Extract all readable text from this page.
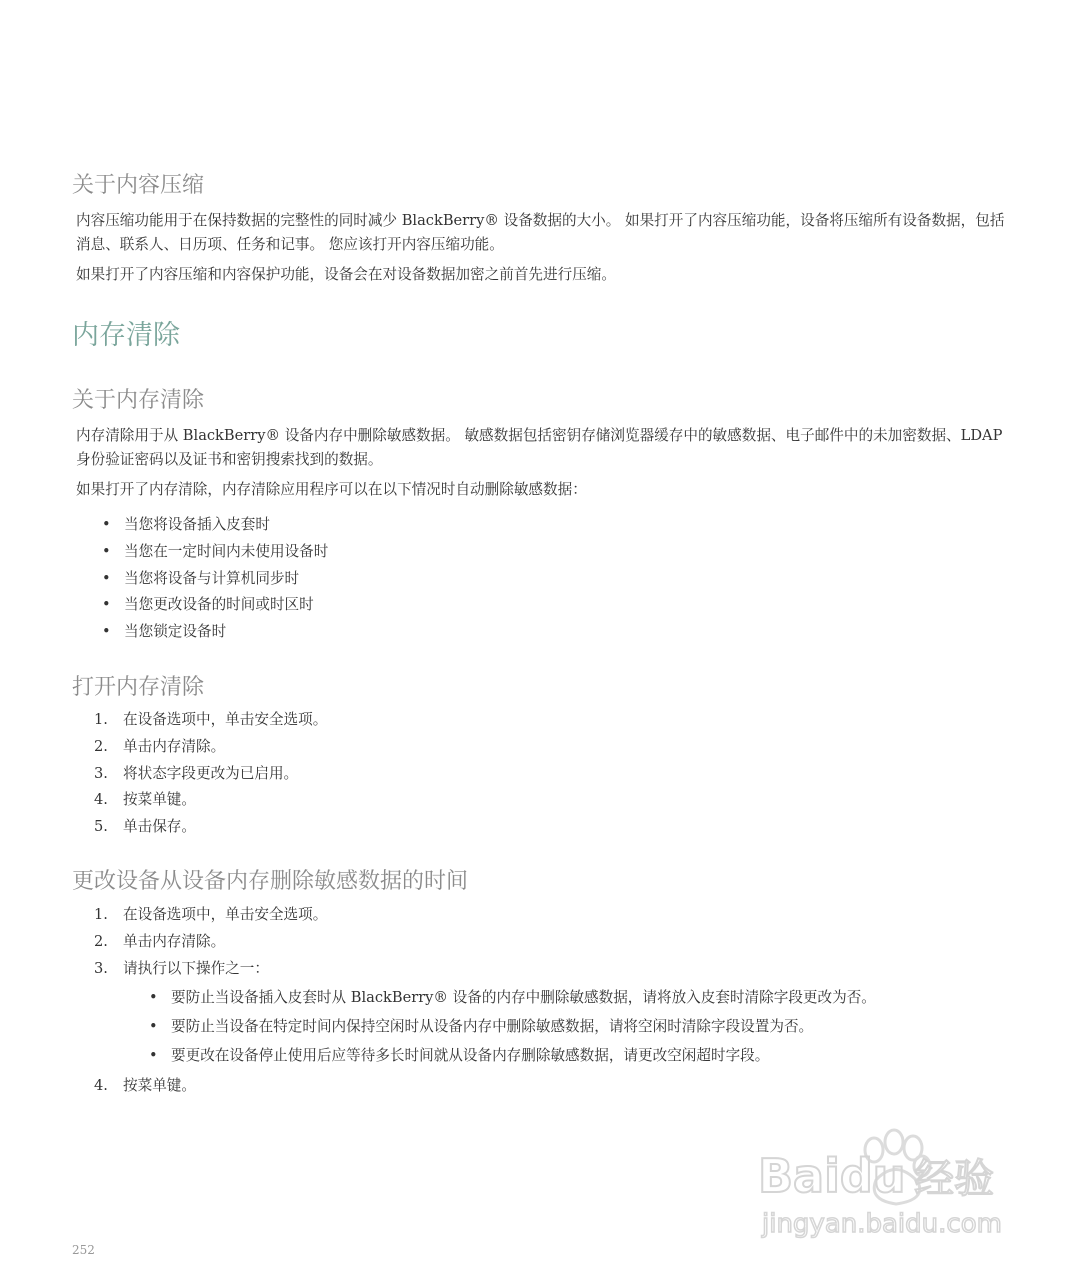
关于内容压缩

内容压缩功能用于在保持数据的完整性的同时减少 BlackBerry® 设备数据的大小。 如果打开了内容压缩功能，设备将压缩所有设备数据，包括消息、联系人、日历项、任务和记事。 您应该打开内容压缩功能。

如果打开了内容压缩和内容保护功能，设备会在对设备数据加密之前首先进行压缩。

内存清除
关于内存清除

内存清除用于从 BlackBerry® 设备内存中删除敏感数据。 敏感数据包括密钥存储浏览器缓存中的敏感数据、电子邮件中的未加密数据、LDAP 身份验证密码以及证书和密钥搜索找到的数据。

如果打开了内存清除，内存清除应用程序可以在以下情况时自动删除敏感数据：

• 当您将设备插入皮套时
• 当您在一定时间内未使用设备时
• 当您将设备与计算机同步时
• 当您更改设备的时间或时区时
• 当您锁定设备时
打开内存清除
1. 在设备选项中，单击安全选项。
2. 单击内存清除。
3. 将状态字段更改为已启用。
4. 按菜单键。
5. 单击保存。
更改设备从设备内存删除敏感数据的时间
1. 在设备选项中，单击安全选项。
2. 单击内存清除。
3. 请执行以下操作之一：
• 要防止当设备插入皮套时从 BlackBerry® 设备的内存中删除敏感数据，请将放入皮套时清除字段更改为否。
• 要防止当设备在特定时间内保持空闲时从设备内存中删除敏感数据，请将空闲时清除字段设置为否。
• 要更改在设备停止使用后应等待多长时间就从设备内存删除敏感数据，请更改空闲超时字段。
4. 按菜单键。
Baidu 经验
jingyan.baidu.com
252
